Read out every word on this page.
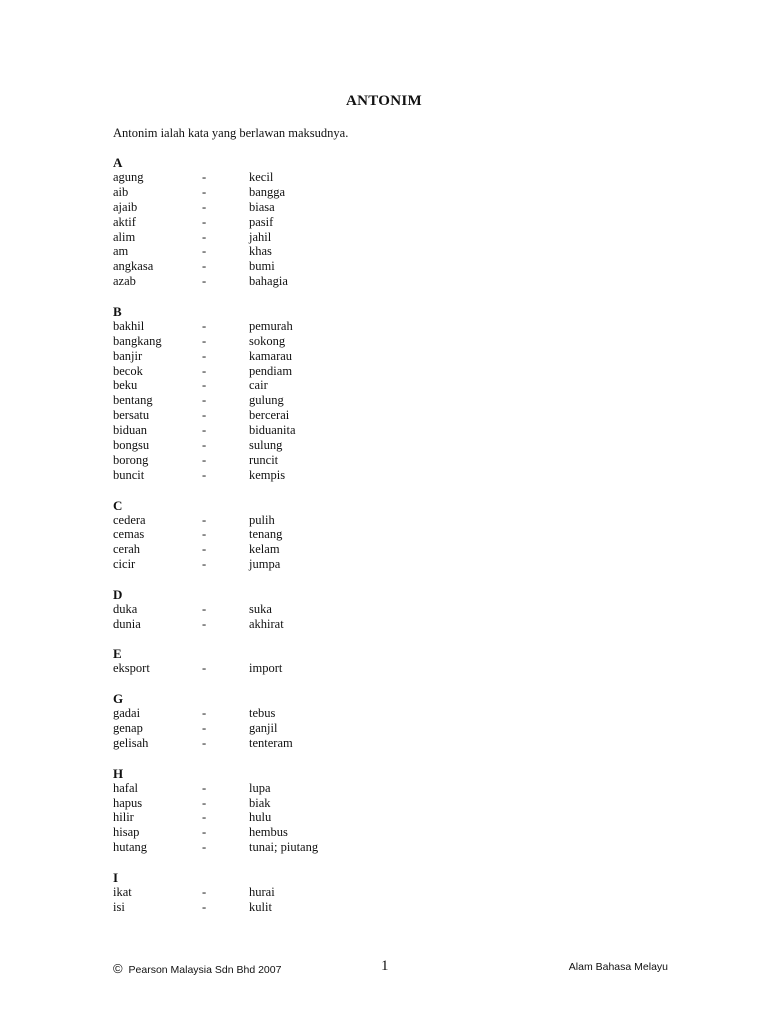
ANTONIM
Antonim ialah kata yang berlawan maksudnya.
A
agung	-	kecil
aib	-	bangga
ajaib	-	biasa
aktif	-	pasif
alim	-	jahil
am	-	khas
angkasa	-	bumi
azab	-	bahagia
B
bakhil	-	pemurah
bangkang	-	sokong
banjir	-	kamarau
becok	-	pendiam
beku	-	cair
bentang	-	gulung
bersatu	-	bercerai
biduan	-	biduanita
bongsu	-	sulung
borong	-	runcit
buncit	-	kempis
C
cedera	-	pulih
cemas	-	tenang
cerah	-	kelam
cicir	-	jumpa
D
duka	-	suka
dunia	-	akhirat
E
eksport	-	import
G
gadai	-	tebus
genap	-	ganjil
gelisah	-	tenteram
H
hafal	-	lupa
hapus	-	biak
hilir	-	hulu
hisap	-	hembus
hutang	-	tunai; piutang
I
ikat	-	hurai
isi	-	kulit
© Pearson Malaysia Sdn Bhd 2007	1	Alam Bahasa Melayu
